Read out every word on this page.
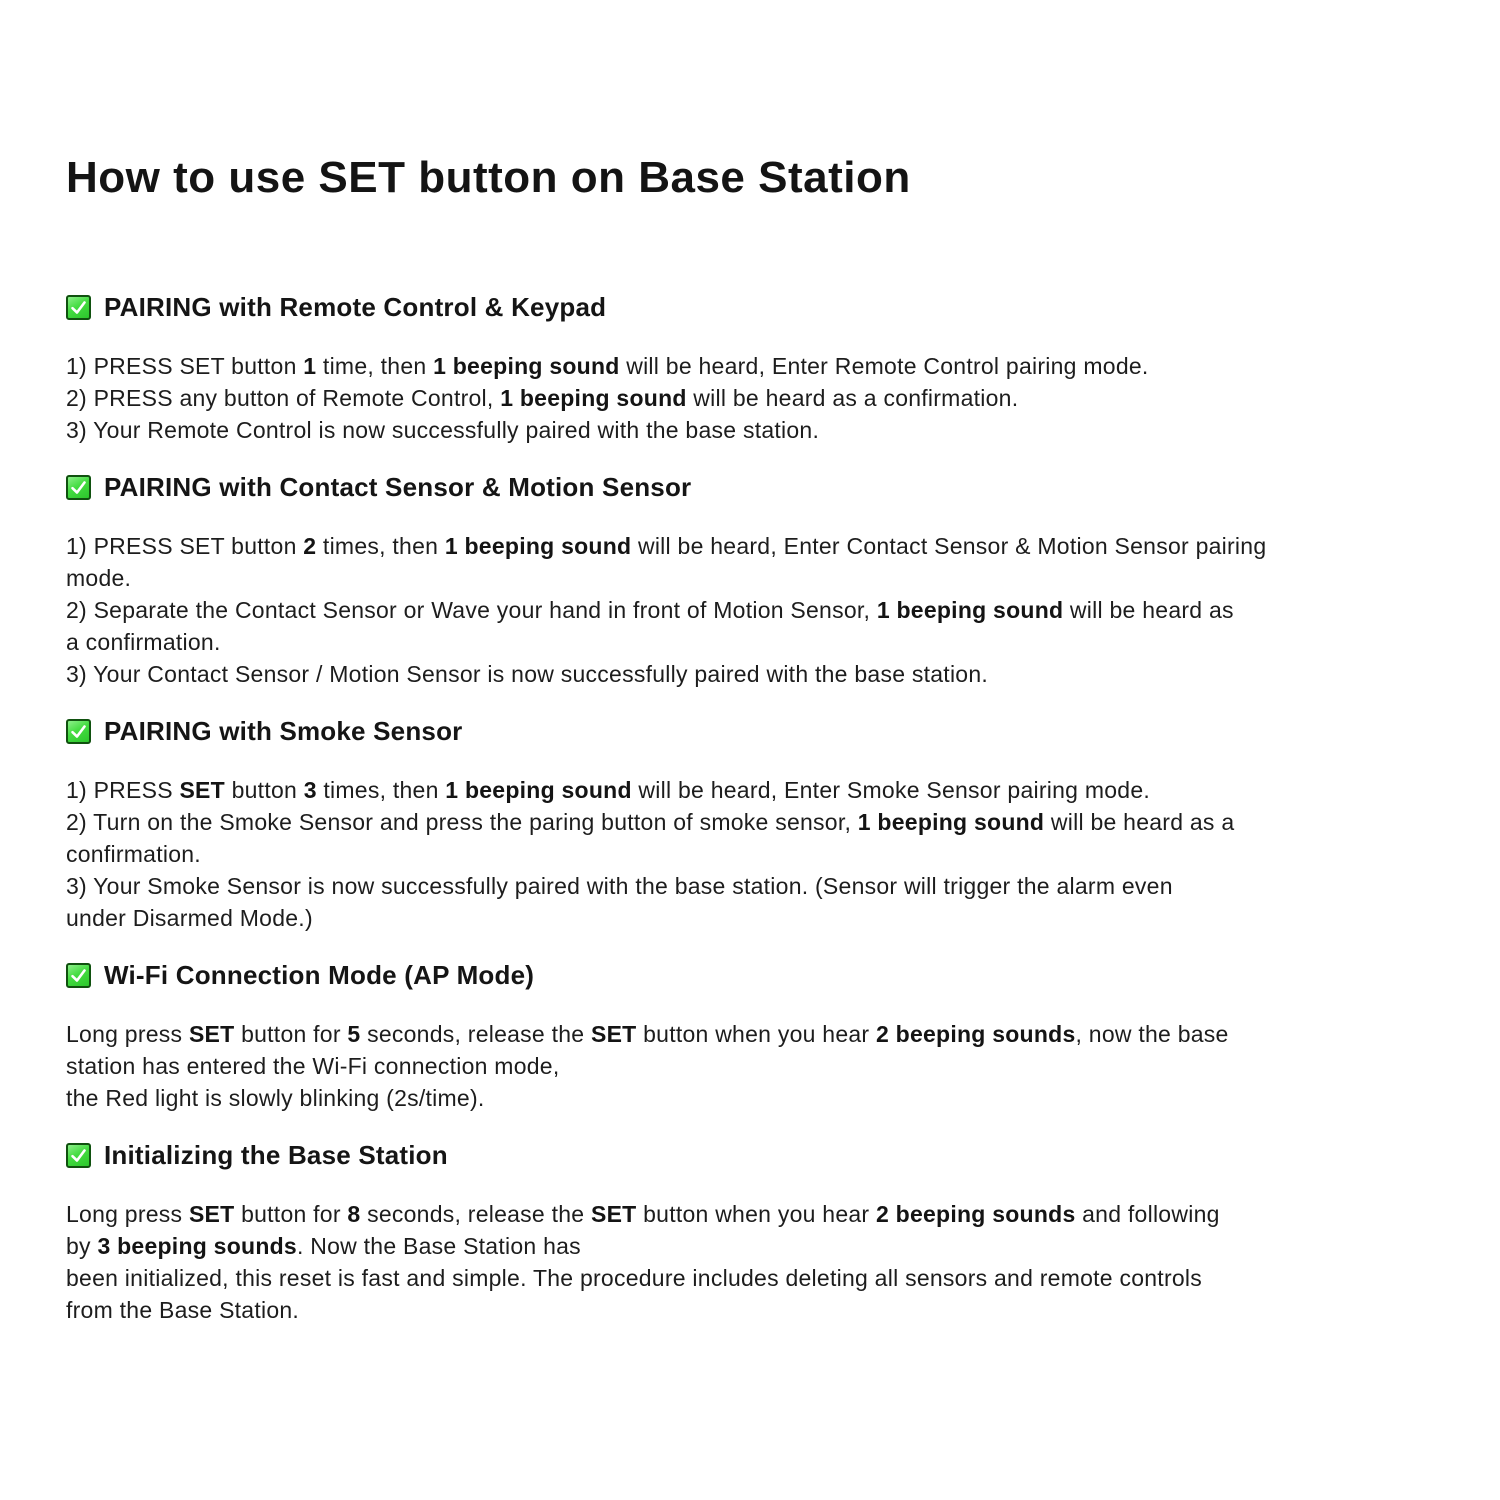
How to use SET button on Base Station
PAIRING with Remote Control & Keypad
1) PRESS SET button 1 time, then 1 beeping sound will be heard, Enter Remote Control pairing mode.
2) PRESS any button of Remote Control, 1 beeping sound will be heard as a confirmation.
3) Your Remote Control is now successfully paired with the base station.
PAIRING with Contact Sensor & Motion Sensor
1) PRESS SET button 2 times, then 1 beeping sound will be heard, Enter Contact Sensor & Motion Sensor pairing
mode.
2) Separate the Contact Sensor or Wave your hand in front of Motion Sensor, 1 beeping sound will be heard as
a confirmation.
3) Your Contact Sensor / Motion Sensor is now successfully paired with the base station.
PAIRING with Smoke Sensor
1) PRESS SET button 3 times, then 1 beeping sound will be heard, Enter Smoke Sensor pairing mode.
2) Turn on the Smoke Sensor and press the paring button of smoke sensor, 1 beeping sound will be heard as a
confirmation.
3) Your Smoke Sensor is now successfully paired with the base station. (Sensor will trigger the alarm even
under Disarmed Mode.)
Wi-Fi Connection Mode (AP Mode)
Long press SET button for 5 seconds, release the SET button when you hear 2 beeping sounds, now the base
station has entered the Wi-Fi connection mode,
the Red light is slowly blinking (2s/time).
Initializing the Base Station
Long press SET button for 8 seconds, release the SET button when you hear 2 beeping sounds and following
by 3 beeping sounds. Now the Base Station has
been initialized, this reset is fast and simple. The procedure includes deleting all sensors and remote controls
from the Base Station.
